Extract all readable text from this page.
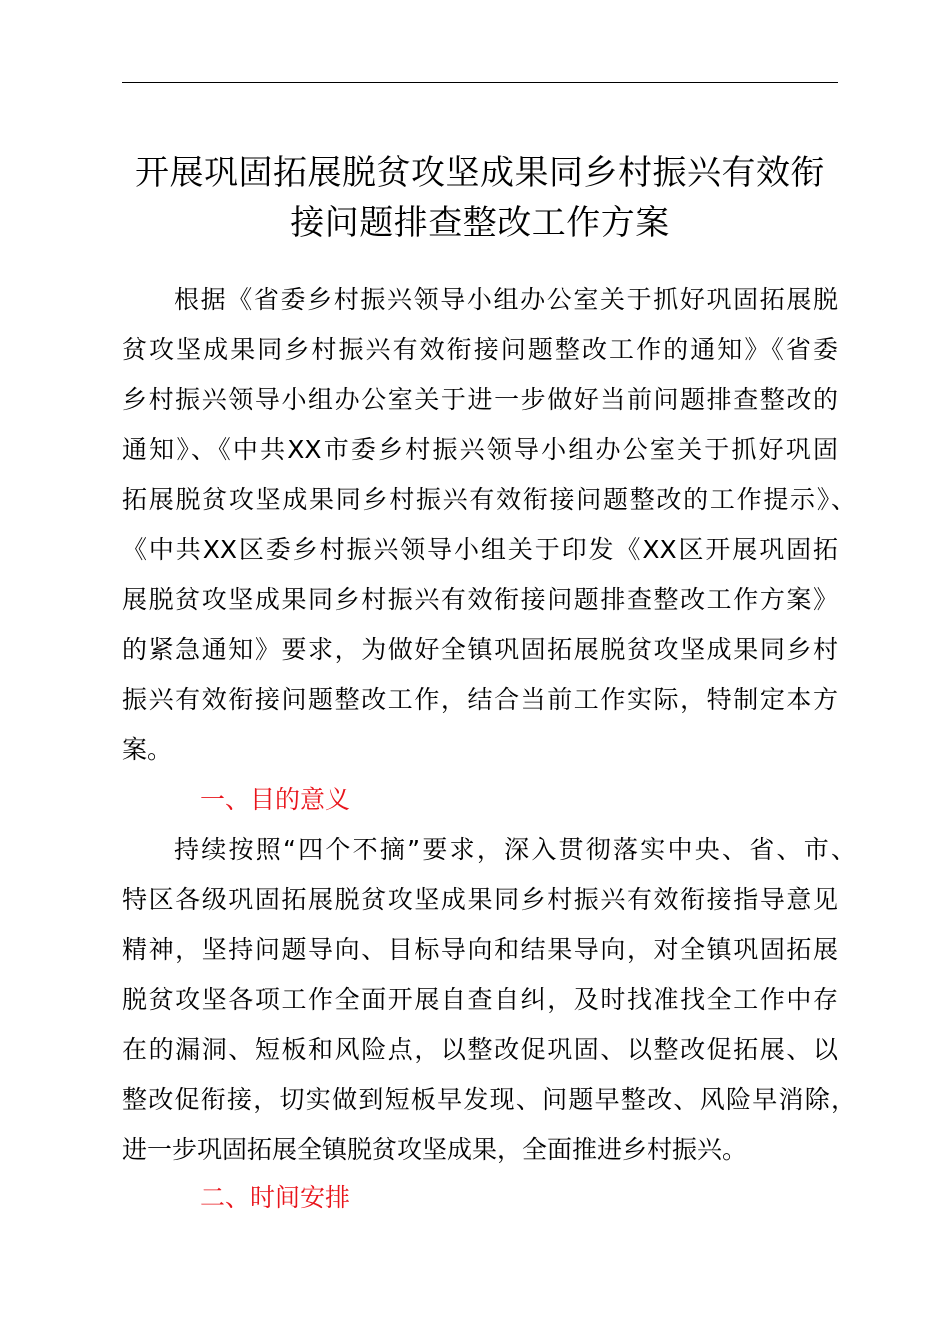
开展巩固拓展脱贫攻坚成果同乡村振兴有效衔
接问题排查整改工作方案
根据《省委乡村振兴领导小组办公室关于抓好巩固拓展脱
贫攻坚成果同乡村振兴有效衔接问题整改工作的通知》《省委
乡村振兴领导小组办公室关于进一步做好当前问题排查整改的
通知》、《中共XX市委乡村振兴领导小组办公室关于抓好巩固
拓展脱贫攻坚成果同乡村振兴有效衔接问题整改的工作提示》、
《中共XX区委乡村振兴领导小组关于印发《XX区开展巩固拓
展脱贫攻坚成果同乡村振兴有效衔接问题排查整改工作方案》
的紧急通知》要求，为做好全镇巩固拓展脱贫攻坚成果同乡村
振兴有效衔接问题整改工作，结合当前工作实际，特制定本方
案。
一、目的意义
持续按照“四个不摘”要求，深入贯彻落实中央、省、市、
特区各级巩固拓展脱贫攻坚成果同乡村振兴有效衔接指导意见
精神，坚持问题导向、目标导向和结果导向，对全镇巩固拓展
脱贫攻坚各项工作全面开展自查自纠，及时找准找全工作中存
在的漏洞、短板和风险点，以整改促巩固、以整改促拓展、以
整改促衔接，切实做到短板早发现、问题早整改、风险早消除，
进一步巩固拓展全镇脱贫攻坚成果，全面推进乡村振兴。
二、时间安排
